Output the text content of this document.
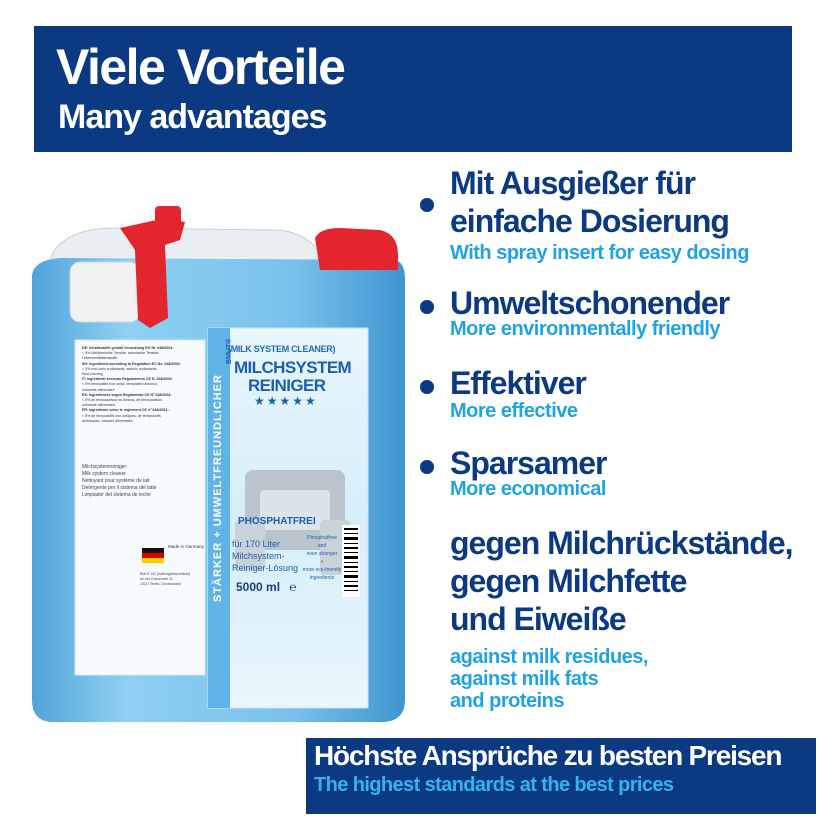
Viele Vorteile
Many advantages
(MILK SYSTEM CLEANER)
MILCHSYSTEM
REINIGER
BMUT®
★★★★★
STÄRKER + UMWELTFREUNDLICHER PHOSPHATFREI
für 170 Liter
Milchsystem-
Reiniger-Lösung
Phosphatfree
and
even stronger
+
more eco-friendly
ingredients
5000 ml ℮
DE: Inhaltsstoffe gemäß Verordnung EG Nr. 648/2004:
< 5% Nichtionische Tenside, anionische Tenside,
Lebensmittelfarbstoffe
EN: Ingredients according to Regulation EC No. 648/2004:
< 5% non-ionic surfactants, anionic surfactants,
food coloring
IT: Ingredienti secondo Regolamento CE N. 648/2004:
< 5% tensioattivi non ionici, tensioattivi anionici,
colorante alimentare
ES: Ingredientes según Reglamento CE Nº 648/2004:
< 5% de tensioactivos no iónicos, de tensioactivos
colorante alimentario
FR: Ingrédients selon le règlement CE nº 648/2004 :
< 5% de tensioactifs non ioniques, de tensioactifs
anioniques, colorant alimentaire
Milchsystemreiniger
Milk system cleaner
Nettoyant pour système de lait
Detergente per il sistema del latte
Limpiador del sistema de leche
Made in Germany
BMUT UG (haftungsbeschränkt)
An der Kolonnade 11
10117 Berlin, Deutschland
Mit Ausgießer für
einfache Dosierung
With spray insert for easy dosing
Umweltschonender
More environmentally friendly
Effektiver
More effective
Sparsamer
More economical
gegen Milchrückstände,
gegen Milchfette
und Eiweiße
against milk residues,
against milk fats
and proteins
Höchste Ansprüche zu besten Preisen
The highest standards at the best prices
